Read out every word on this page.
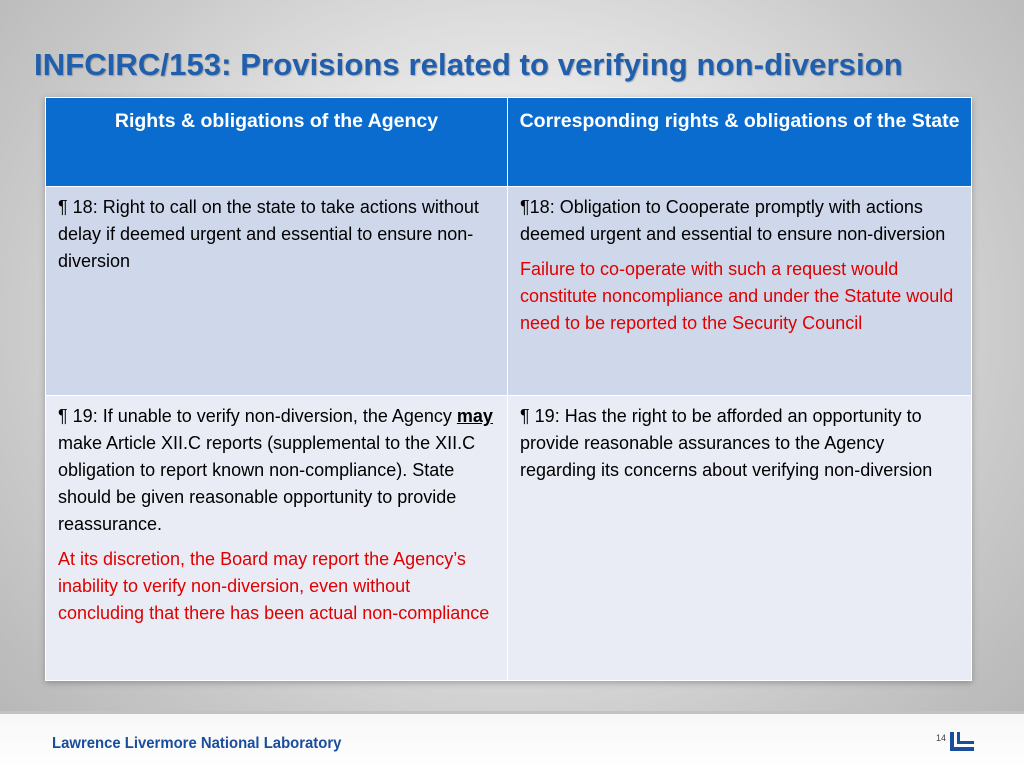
INFCIRC/153: Provisions related to verifying non-diversion
Rights & obligations of the Agency	Corresponding rights & obligations of the State

¶ 18: Right to call on the state to take actions without delay if deemed urgent and essential to ensure non-diversion	¶18: Obligation to Cooperate promptly with actions deemed urgent and essential to ensure non-diversion

Failure to co-operate with such a request would constitute noncompliance and under the Statute would need to be reported to the Security Council

¶ 19: If unable to verify non-diversion, the Agency may make Article XII.C reports (supplemental to the XII.C obligation to report known non-compliance). State should be given reasonable opportunity to provide reassurance.

At its discretion, the Board may report the Agency’s inability to verify non-diversion, even without concluding that there has been actual non-compliance	¶ 19: Has the right to be afforded an opportunity to provide reasonable assurances to the Agency regarding its concerns about verifying non-diversion

Lawrence Livermore National Laboratory	14
